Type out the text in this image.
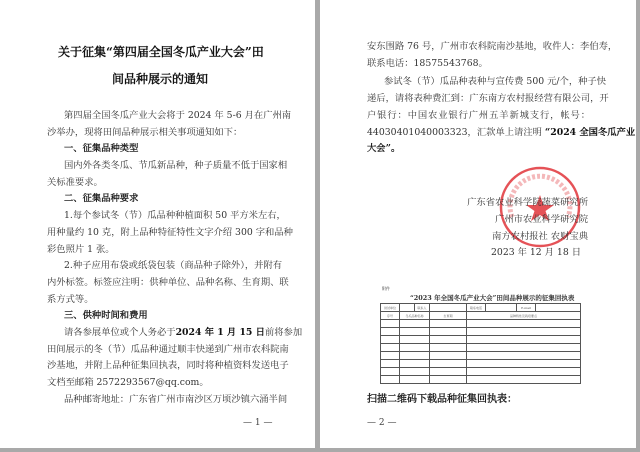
关于征集“第四届全国冬瓜产业大会”田
间品种展示的通知
第四届全国冬瓜产业大会将于 2024 年 5-6 月在广州南
沙举办，现将田间品种展示相关事项通知如下：
一、征集品种类型
国内外各类冬瓜、节瓜新品种，种子质量不低于国家相
关标准要求。
二、征集品种要求
1.每个参试冬（节）瓜品种种植面积 50 平方米左右，
用种量约 10 克，附上品种特征特性文字介绍 300 字和品种
彩色照片 1 张。
2.种子应用布袋或纸袋包装（商品种子除外），并附有
内外标签。标签应注明：供种单位、品种名称、生育期、联
系方式等。
三、供种时间和费用
请各参展单位或个人务必于2024 年 1 月 15 日前将参加
田间展示的冬（节）瓜品种通过顺丰快递到广州市农科院南
沙基地，并附上品种征集回执表，同时将种植资料发送电子
文档至邮箱 2572293567@qq.com。
品种邮寄地址：广东省广州市南沙区万顷沙镇六涌半间
— 1 —
安东围路 76 号，广州市农科院南沙基地，收件人：李伯寿，
联系电话：18575543768。
参试冬（节）瓜品种表种与宣传费 500 元/个，种子快
递后，请将表种费汇到：广东南方农村报经营有限公司，开
户银行：中国农业银行广州五羊新城支行，帐号：
44030401040003323，汇款单上请注明 “2024 全国冬瓜产业
大会”。
广东省农业科学院蔬菜研究所
广州市农业科学研究院
南方农村报社 农财宝典
2023 年 12 月 18 日
附件
“2023 年全国冬瓜产业大会”田间品种展示的征集回执表
供试单位		联系人		联系电话		E-mail	
序号	冬瓜品种名称		生育期	品种特性及栽培要点			

扫描二维码下载品种征集回执表：
— 2 —
